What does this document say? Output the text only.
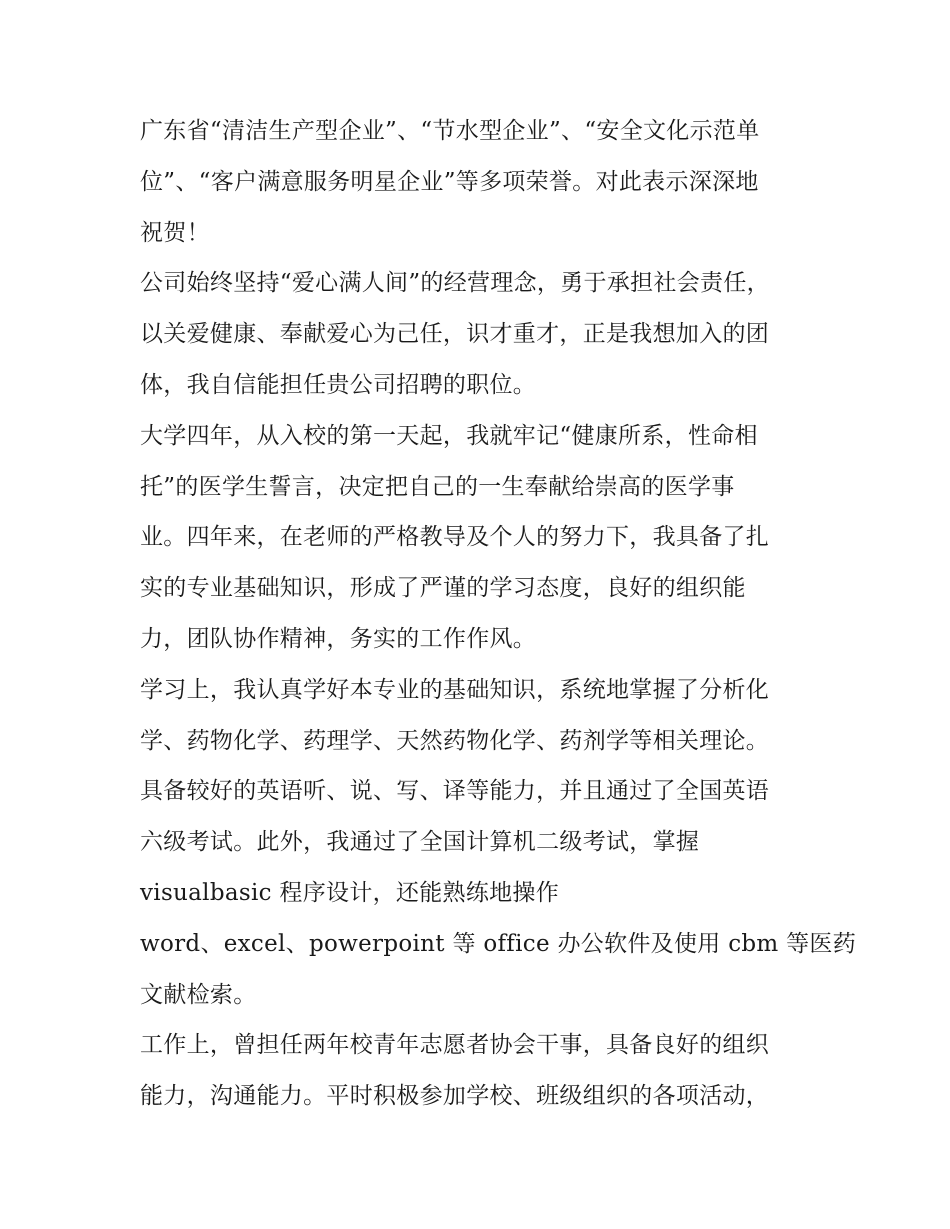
广东省“清洁生产型企业”、“节水型企业”、“安全文化示范单
位”、“客户满意服务明星企业”等多项荣誉。对此表示深深地
祝贺！
公司始终坚持“爱心满人间”的经营理念，勇于承担社会责任，
以关爱健康、奉献爱心为己任，识才重才，正是我想加入的团
体，我自信能担任贵公司招聘的职位。
大学四年，从入校的第一天起，我就牢记“健康所系，性命相
托”的医学生誓言，决定把自己的一生奉献给崇高的医学事
业。四年来，在老师的严格教导及个人的努力下，我具备了扎
实的专业基础知识，形成了严谨的学习态度，良好的组织能
力，团队协作精神，务实的工作作风。
学习上，我认真学好本专业的基础知识，系统地掌握了分析化
学、药物化学、药理学、天然药物化学、药剂学等相关理论。
具备较好的英语听、说、写、译等能力，并且通过了全国英语
六级考试。此外，我通过了全国计算机二级考试，掌握
visualbasic 程序设计，还能熟练地操作
word、excel、powerpoint 等 office 办公软件及使用 cbm 等医药
文献检索。
工作上，曾担任两年校青年志愿者协会干事，具备良好的组织
能力，沟通能力。平时积极参加学校、班级组织的各项活动，
